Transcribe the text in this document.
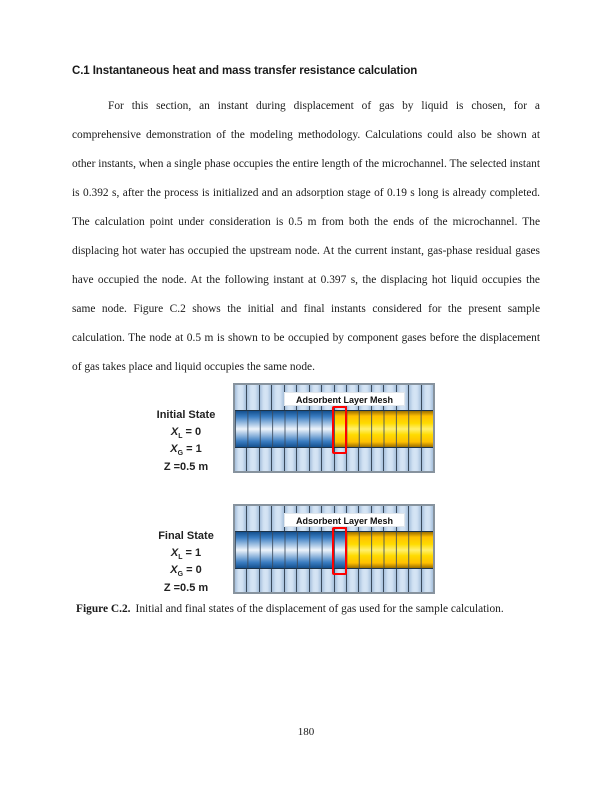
C.1 Instantaneous heat and mass transfer resistance calculation

For this section, an instant during displacement of gas by liquid is chosen, for a comprehensive demonstration of the modeling methodology. Calculations could also be shown at other instants, when a single phase occupies the entire length of the microchannel. The selected instant is 0.392 s, after the process is initialized and an adsorption stage of 0.19 s long is already completed. The calculation point under consideration is 0.5 m from both the ends of the microchannel. The displacing hot water has occupied the upstream node. At the current instant, gas-phase residual gases have occupied the node. At the following instant at 0.397 s, the displacing hot liquid occupies the same node. Figure C.2 shows the initial and final instants considered for the present sample calculation. The node at 0.5 m is shown to be occupied by component gases before the displacement of gas takes place and liquid occupies the same node.

Initial State
$X_L = 0$
$X_G = 1$
Z =0.5 m
Adsorbent Layer Mesh
Final State
$X_L = 1$
$X_G = 0$
Z =0.5 m
Adsorbent Layer Mesh
Figure C.2. Initial and final states of the displacement of gas used for the sample calculation.
180
